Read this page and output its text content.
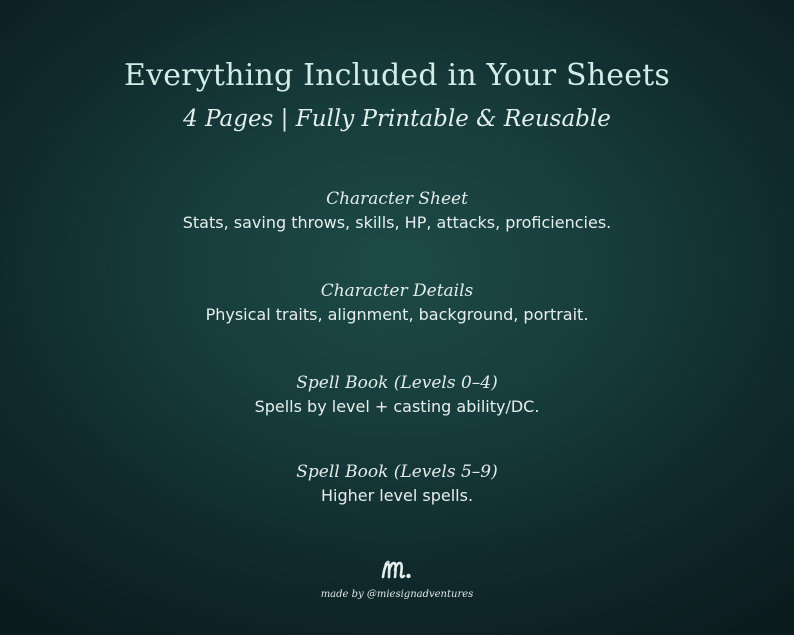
Everything Included in Your Sheets
4 Pages | Fully Printable & Reusable
Character Sheet
Stats, saving throws, skills, HP, attacks, proficiencies.
Character Details
Physical traits, alignment, background, portrait.
Spell Book (Levels 0–4)
Spells by level + casting ability/DC.
Spell Book (Levels 5–9)
Higher level spells.
made by @miesignadventures
